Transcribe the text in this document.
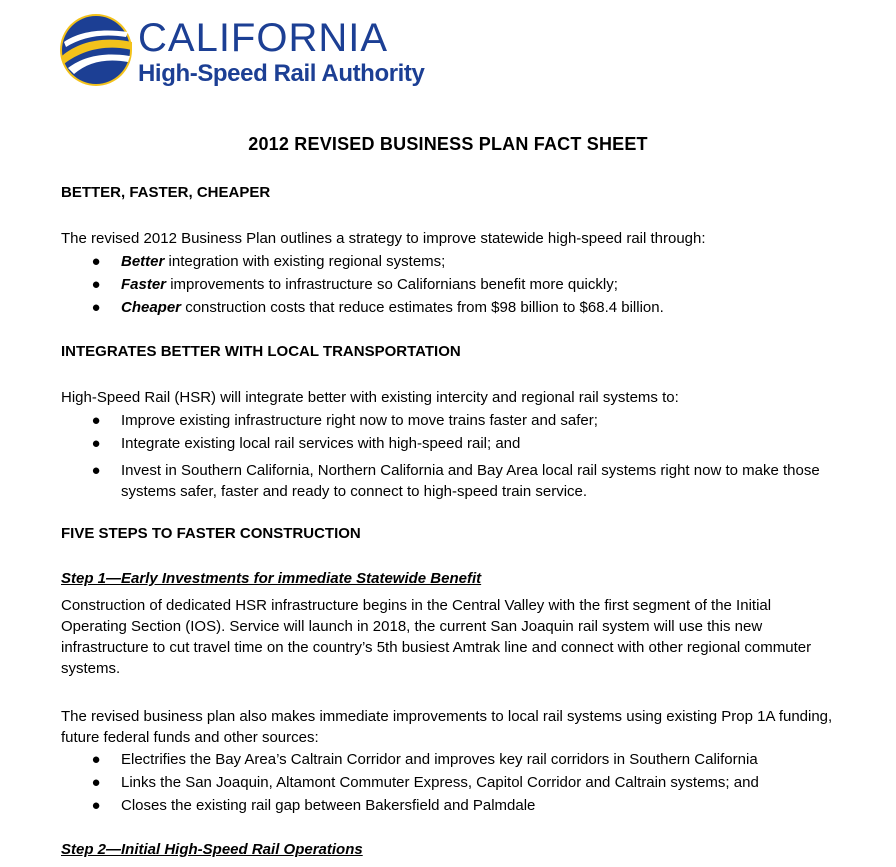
CALIFORNIA
High-Speed Rail Authority
2012 REVISED BUSINESS PLAN FACT SHEET
BETTER, FASTER, CHEAPER
The revised 2012 Business Plan outlines a strategy to improve statewide high-speed rail through:
● Better integration with existing regional systems;
● Faster improvements to infrastructure so Californians benefit more quickly;
● Cheaper construction costs that reduce estimates from $98 billion to $68.4 billion.
INTEGRATES BETTER WITH LOCAL TRANSPORTATION
High-Speed Rail (HSR) will integrate better with existing intercity and regional rail systems to:
● Improve existing infrastructure right now to move trains faster and safer;
● Integrate existing local rail services with high-speed rail; and
● Invest in Southern California, Northern California and Bay Area local rail systems right now to make those systems safer, faster and ready to connect to high-speed train service.
FIVE STEPS TO FASTER CONSTRUCTION
Step 1—Early Investments for immediate Statewide Benefit
Construction of dedicated HSR infrastructure begins in the Central Valley with the first segment of the Initial Operating Section (IOS). Service will launch in 2018, the current San Joaquin rail system will use this new infrastructure to cut travel time on the country’s 5th busiest Amtrak line and connect with other regional commuter systems.
The revised business plan also makes immediate improvements to local rail systems using existing Prop 1A funding, future federal funds and other sources:
● Electrifies the Bay Area’s Caltrain Corridor and improves key rail corridors in Southern California
● Links the San Joaquin, Altamont Commuter Express, Capitol Corridor and Caltrain systems; and
● Closes the existing rail gap between Bakersfield and Palmdale
Step 2—Initial High-Speed Rail Operations
